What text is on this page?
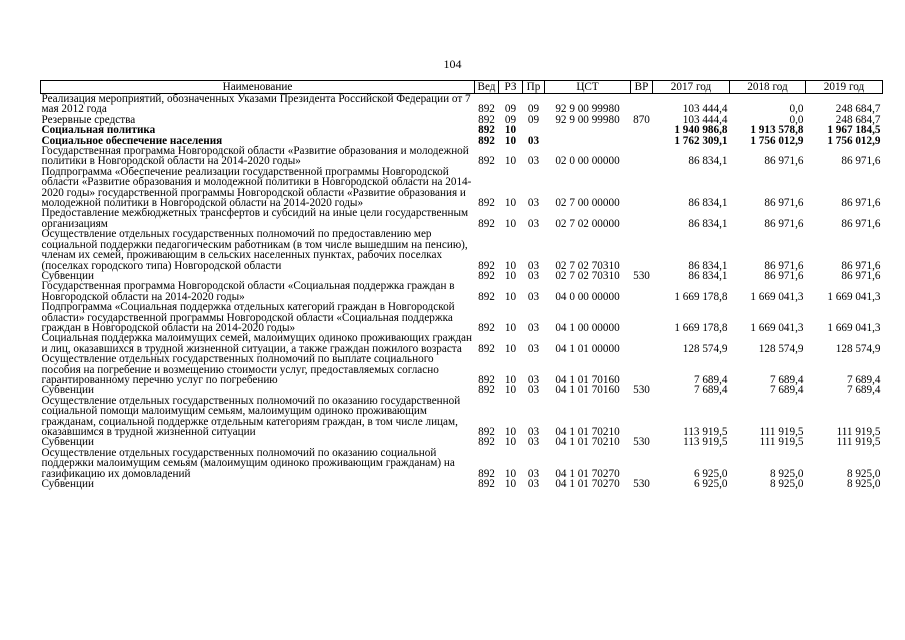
104
Наименование	Вед	РЗ	Пр	ЦСТ	ВР	2017 год	2018 год	2019 год
Реализация мероприятий, обозначенных Указами Президента Российской Федерации от 7 мая 2012 года	892	09	09	92 9 00 99980		103 444,4	0,0	248 684,7
Резервные средства	892	09	09	92 9 00 99980	870	103 444,4	0,0	248 684,7
Социальная политика	892	10				1 940 986,8	1 913 578,8	1 967 184,5
Социальное обеспечение населения	892	10	03			1 762 309,1	1 756 012,9	1 756 012,9
Государственная программа Новгородской области «Развитие образования и молодежной политики в Новгородской области на 2014-2020 годы»	892	10	03	02 0 00 00000		86 834,1	86 971,6	86 971,6
Подпрограмма «Обеспечение реализации государственной программы Новгородской области «Развитие образования и молодежной политики в Новгородской области на 2014-2020 годы» государственной программы Новгородской области «Развитие образования и молодежной политики в Новгородской области на 2014-2020 годы»	892	10	03	02 7 00 00000		86 834,1	86 971,6	86 971,6
Предоставление межбюджетных трансфертов и субсидий на иные цели государственным организациям	892	10	03	02 7 02 00000		86 834,1	86 971,6	86 971,6
Осуществление отдельных государственных полномочий по предоставлению мер социальной поддержки педагогическим работникам (в том числе вышедшим на пенсию), членам их семей, проживающим в сельских населенных пунктах, рабочих поселках (поселках городского типа) Новгородской области	892	10	03	02 7 02 70310		86 834,1	86 971,6	86 971,6
Субвенции	892	10	03	02 7 02 70310	530	86 834,1	86 971,6	86 971,6
Государственная программа Новгородской области «Социальная поддержка граждан в Новгородской области на 2014-2020 годы»	892	10	03	04 0 00 00000		1 669 178,8	1 669 041,3	1 669 041,3
Подпрограмма «Социальная поддержка отдельных категорий граждан в Новгородской области» государственной программы Новгородской области «Социальная поддержка граждан в Новгородской области на 2014-2020 годы»	892	10	03	04 1 00 00000		1 669 178,8	1 669 041,3	1 669 041,3
Социальная поддержка малоимущих семей, малоимущих одиноко проживающих граждан и лиц, оказавшихся в трудной жизненной ситуации, а также граждан пожилого возраста	892	10	03	04 1 01 00000		128 574,9	128 574,9	128 574,9
Осуществление отдельных государственных полномочий по выплате социального пособия на погребение и возмещению стоимости услуг, предоставляемых согласно гарантированному перечню услуг по погребению	892	10	03	04 1 01 70160		7 689,4	7 689,4	7 689,4
Субвенции	892	10	03	04 1 01 70160	530	7 689,4	7 689,4	7 689,4
Осуществление отдельных государственных полномочий по оказанию государственной социальной помощи малоимущим семьям, малоимущим одиноко проживающим гражданам, социальной поддержке отдельным категориям граждан, в том числе лицам, оказавшимся в трудной жизненной ситуации	892	10	03	04 1 01 70210		113 919,5	111 919,5	111 919,5
Субвенции	892	10	03	04 1 01 70210	530	113 919,5	111 919,5	111 919,5
Осуществление отдельных государственных полномочий по оказанию социальной поддержки малоимущим семьям (малоимущим одиноко проживающим гражданам) на газификацию их домовладений	892	10	03	04 1 01 70270		6 925,0	8 925,0	8 925,0
Субвенции	892	10	03	04 1 01 70270	530	6 925,0	8 925,0	8 925,0
